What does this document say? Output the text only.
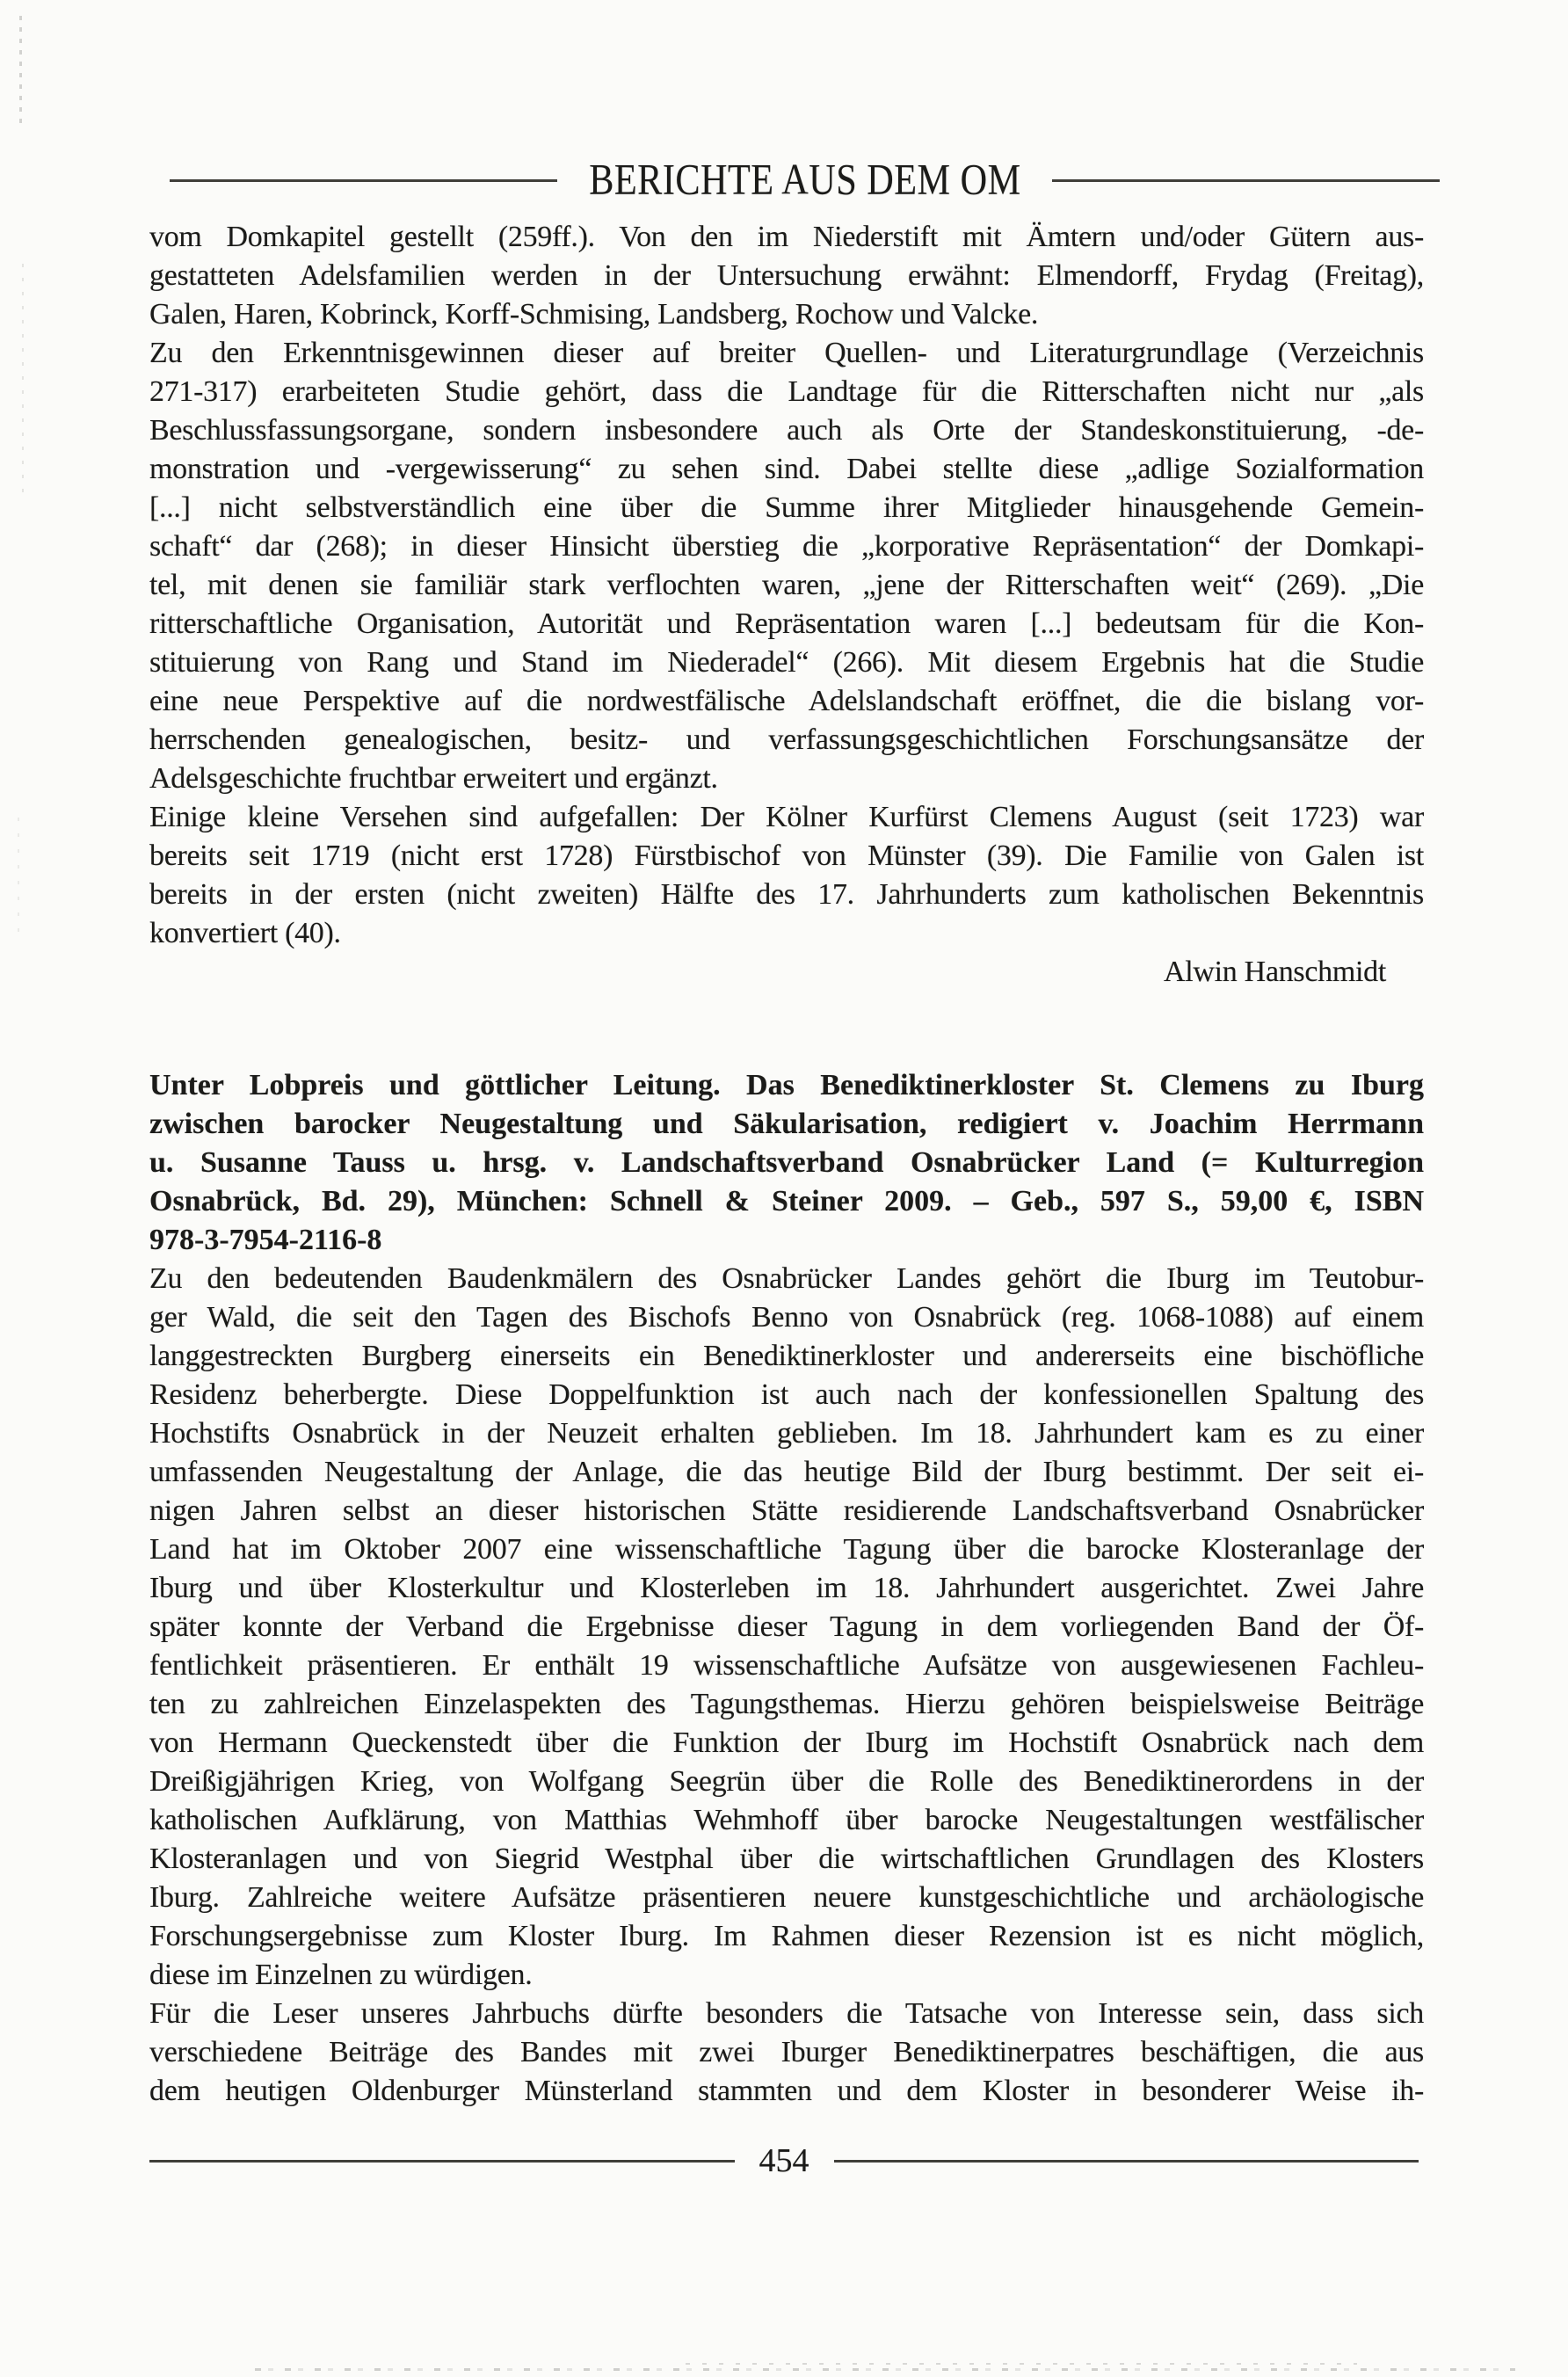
BERICHTE AUS DEM OM
vom Domkapitel gestellt (259ff.). Von den im Niederstift mit Ämtern und/oder Gütern aus-
gestatteten Adelsfamilien werden in der Untersuchung erwähnt: Elmendorff, Frydag (Freitag),
Galen, Haren, Kobrinck, Korff-Schmising, Landsberg, Rochow und Valcke.
Zu den Erkenntnisgewinnen dieser auf breiter Quellen- und Literaturgrundlage (Verzeichnis
271-317) erarbeiteten Studie gehört, dass die Landtage für die Ritterschaften nicht nur „als
Beschlussfassungsorgane, sondern insbesondere auch als Orte der Standeskonstituierung, -de-
monstration und -vergewisserung“ zu sehen sind. Dabei stellte diese „adlige Sozialformation
[...] nicht selbstverständlich eine über die Summe ihrer Mitglieder hinausgehende Gemein-
schaft“ dar (268); in dieser Hinsicht überstieg die „korporative Repräsentation“ der Domkapi-
tel, mit denen sie familiär stark verflochten waren, „jene der Ritterschaften weit“ (269). „Die
ritterschaftliche Organisation, Autorität und Repräsentation waren [...] bedeutsam für die Kon-
stituierung von Rang und Stand im Niederadel“ (266). Mit diesem Ergebnis hat die Studie
eine neue Perspektive auf die nordwestfälische Adelslandschaft eröffnet, die die bislang vor-
herrschenden genealogischen, besitz- und verfassungsgeschichtlichen Forschungsansätze der
Adelsgeschichte fruchtbar erweitert und ergänzt.
Einige kleine Versehen sind aufgefallen: Der Kölner Kurfürst Clemens August (seit 1723) war
bereits seit 1719 (nicht erst 1728) Fürstbischof von Münster (39). Die Familie von Galen ist
bereits in der ersten (nicht zweiten) Hälfte des 17. Jahrhunderts zum katholischen Bekenntnis
konvertiert (40).
Alwin Hanschmidt
Unter Lobpreis und göttlicher Leitung. Das Benediktinerkloster St. Clemens zu Iburg
zwischen barocker Neugestaltung und Säkularisation, redigiert v. Joachim Herrmann
u. Susanne Tauss u. hrsg. v. Landschaftsverband Osnabrücker Land (= Kulturregion
Osnabrück, Bd. 29), München: Schnell & Steiner 2009. – Geb., 597 S., 59,00 €, ISBN
978-3-7954-2116-8
Zu den bedeutenden Baudenkmälern des Osnabrücker Landes gehört die Iburg im Teutobur-
ger Wald, die seit den Tagen des Bischofs Benno von Osnabrück (reg. 1068-1088) auf einem
langgestreckten Burgberg einerseits ein Benediktinerkloster und andererseits eine bischöfliche
Residenz beherbergte. Diese Doppelfunktion ist auch nach der konfessionellen Spaltung des
Hochstifts Osnabrück in der Neuzeit erhalten geblieben. Im 18. Jahrhundert kam es zu einer
umfassenden Neugestaltung der Anlage, die das heutige Bild der Iburg bestimmt. Der seit ei-
nigen Jahren selbst an dieser historischen Stätte residierende Landschaftsverband Osnabrücker
Land hat im Oktober 2007 eine wissenschaftliche Tagung über die barocke Klosteranlage der
Iburg und über Klosterkultur und Klosterleben im 18. Jahrhundert ausgerichtet. Zwei Jahre
später konnte der Verband die Ergebnisse dieser Tagung in dem vorliegenden Band der Öf-
fentlichkeit präsentieren. Er enthält 19 wissenschaftliche Aufsätze von ausgewiesenen Fachleu-
ten zu zahlreichen Einzelaspekten des Tagungsthemas. Hierzu gehören beispielsweise Beiträge
von Hermann Queckenstedt über die Funktion der Iburg im Hochstift Osnabrück nach dem
Dreißigjährigen Krieg, von Wolfgang Seegrün über die Rolle des Benediktinerordens in der
katholischen Aufklärung, von Matthias Wehmhoff über barocke Neugestaltungen westfälischer
Klosteranlagen und von Siegrid Westphal über die wirtschaftlichen Grundlagen des Klosters
Iburg. Zahlreiche weitere Aufsätze präsentieren neuere kunstgeschichtliche und archäologische
Forschungsergebnisse zum Kloster Iburg. Im Rahmen dieser Rezension ist es nicht möglich,
diese im Einzelnen zu würdigen.
Für die Leser unseres Jahrbuchs dürfte besonders die Tatsache von Interesse sein, dass sich
verschiedene Beiträge des Bandes mit zwei Iburger Benediktinerpatres beschäftigen, die aus
dem heutigen Oldenburger Münsterland stammten und dem Kloster in besonderer Weise ih-
454
